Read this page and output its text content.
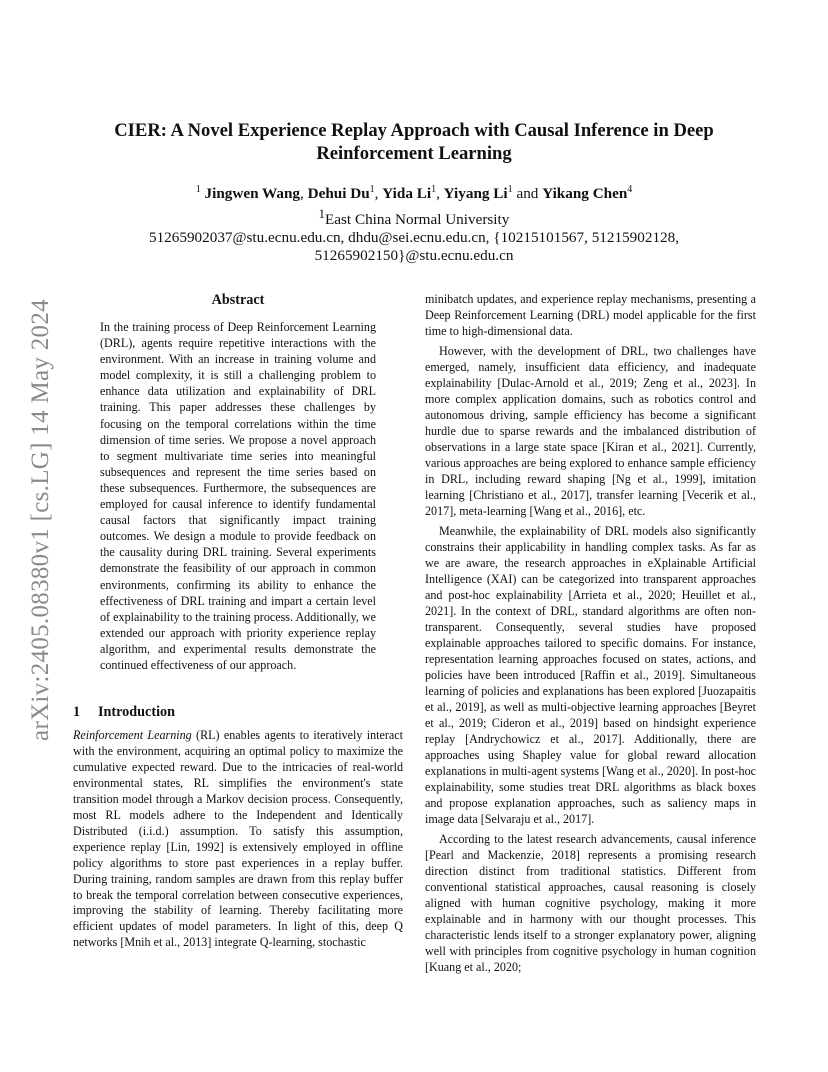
arXiv:2405.08380v1 [cs.LG] 14 May 2024
CIER: A Novel Experience Replay Approach with Causal Inference in Deep Reinforcement Learning
$^1$ Jingwen Wang, Dehui Du$^1$, Yida Li$^1$, Yiyang Li$^1$ and Yikang Chen$^4$
$^1$East China Normal University
51265902037@stu.ecnu.edu.cn, dhdu@sei.ecnu.edu.cn, {10215101567, 51215902128,
51265902150}@stu.ecnu.edu.cn
Abstract

In the training process of Deep Reinforcement Learning (DRL), agents require repetitive interactions with the environment. With an increase in training volume and model complexity, it is still a challenging problem to enhance data utilization and explainability of DRL training. This paper addresses these challenges by focusing on the temporal correlations within the time dimension of time series. We propose a novel approach to segment multivariate time series into meaningful subsequences and represent the time series based on these subsequences. Furthermore, the subsequences are employed for causal inference to identify fundamental causal factors that significantly impact training outcomes. We design a module to provide feedback on the causality during DRL training. Several experiments demonstrate the feasibility of our approach in common environments, confirming its ability to enhance the effectiveness of DRL training and impart a certain level of explainability to the training process. Additionally, we extended our approach with priority experience replay algorithm, and experimental results demonstrate the continued effectiveness of our approach.

1 Introduction

Reinforcement Learning (RL) enables agents to iteratively interact with the environment, acquiring an optimal policy to maximize the cumulative expected reward. Due to the intricacies of real-world environmental states, RL simplifies the environment's state transition model through a Markov decision process. Consequently, most RL models adhere to the Independent and Identically Distributed (i.i.d.) assumption. To satisfy this assumption, experience replay [Lin, 1992] is extensively employed in offline policy algorithms to store past experiences in a replay buffer. During training, random samples are drawn from this replay buffer to break the temporal correlation between consecutive experiences, improving the stability of learning. Thereby facilitating more efficient updates of model parameters. In light of this, deep Q networks [Mnih et al., 2013] integrate Q-learning, stochastic

minibatch updates, and experience replay mechanisms, presenting a Deep Reinforcement Learning (DRL) model applicable for the first time to high-dimensional data.

However, with the development of DRL, two challenges have emerged, namely, insufficient data efficiency, and inadequate explainability [Dulac-Arnold et al., 2019; Zeng et al., 2023]. In more complex application domains, such as robotics control and autonomous driving, sample efficiency has become a significant hurdle due to sparse rewards and the imbalanced distribution of observations in a large state space [Kiran et al., 2021]. Currently, various approaches are being explored to enhance sample efficiency in DRL, including reward shaping [Ng et al., 1999], imitation learning [Christiano et al., 2017], transfer learning [Vecerik et al., 2017], meta-learning [Wang et al., 2016], etc.

Meanwhile, the explainability of DRL models also significantly constrains their applicability in handling complex tasks. As far as we are aware, the research approaches in eXplainable Artificial Intelligence (XAI) can be categorized into transparent approaches and post-hoc explainability [Arrieta et al., 2020; Heuillet et al., 2021]. In the context of DRL, standard algorithms are often non-transparent. Consequently, several studies have proposed explainable approaches tailored to specific domains. For instance, representation learning approaches focused on states, actions, and policies have been introduced [Raffin et al., 2019]. Simultaneous learning of policies and explanations has been explored [Juozapaitis et al., 2019], as well as multi-objective learning approaches [Beyret et al., 2019; Cideron et al., 2019] based on hindsight experience replay [Andrychowicz et al., 2017]. Additionally, there are approaches using Shapley value for global reward allocation explanations in multi-agent systems [Wang et al., 2020]. In post-hoc explainability, some studies treat DRL algorithms as black boxes and propose explanation approaches, such as saliency maps in image data [Selvaraju et al., 2017].

According to the latest research advancements, causal inference [Pearl and Mackenzie, 2018] represents a promising research direction distinct from traditional statistics. Different from conventional statistical approaches, causal reasoning is closely aligned with human cognitive psychology, making it more explainable and in harmony with our thought processes. This characteristic lends itself to a stronger explanatory power, aligning well with principles from cognitive psychology in human cognition [Kuang et al., 2020;
